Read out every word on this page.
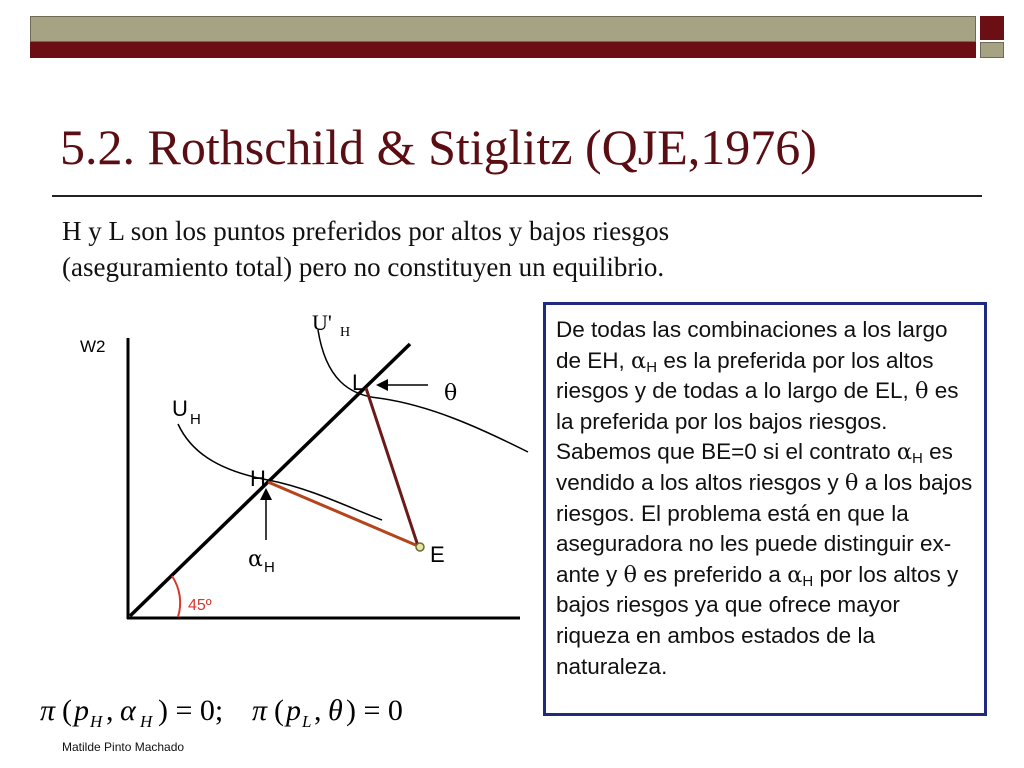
5.2. Rothschild & Stiglitz (QJE,1976)
H y L son los puntos preferidos por altos y bajos riesgos (aseguramiento total) pero no constituyen un equilibrio.
45º
W2
U' H
U H
H
L
E
α H
θ
π ( p H , α H ) = 0; π ( p L , θ ) = 0
De todas las combinaciones a los largo de EH, $\alpha_H$ es la preferida por los altos riesgos y de todas a lo largo de EL, θ es la preferida por los bajos riesgos. Sabemos que BE=0 si el contrato $\alpha_H$ es vendido a los altos riesgos y θ a los bajos riesgos. El problema está en que la aseguradora no les puede distinguir ex-ante y θ es preferido a $\alpha_H$ por los altos y bajos riesgos ya que ofrece mayor riqueza en ambos estados de la naturaleza.
Matilde Pinto Machado
